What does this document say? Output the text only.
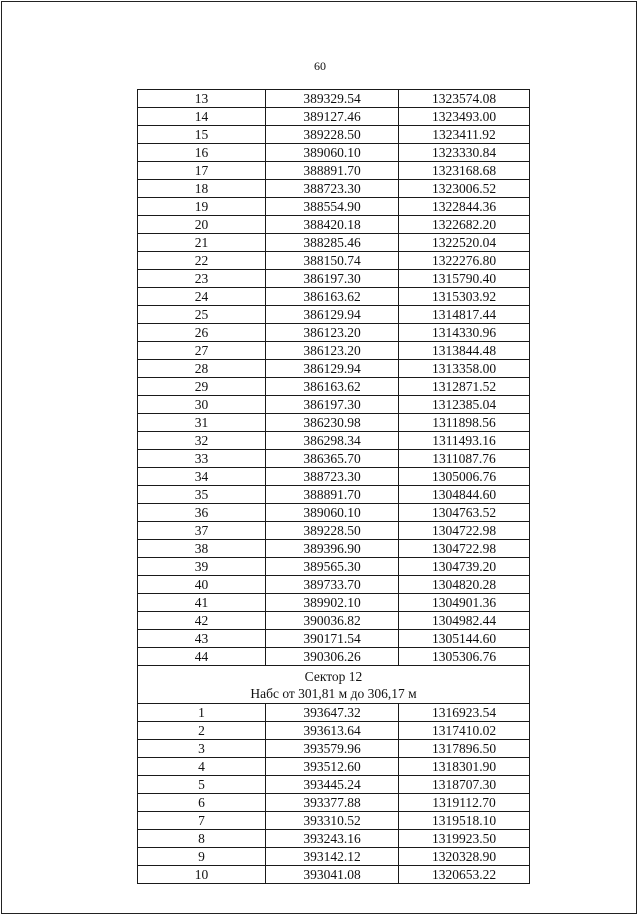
60
13	389329.54	1323574.08
14	389127.46	1323493.00
15	389228.50	1323411.92
16	389060.10	1323330.84
17	388891.70	1323168.68
18	388723.30	1323006.52
19	388554.90	1322844.36
20	388420.18	1322682.20
21	388285.46	1322520.04
22	388150.74	1322276.80
23	386197.30	1315790.40
24	386163.62	1315303.92
25	386129.94	1314817.44
26	386123.20	1314330.96
27	386123.20	1313844.48
28	386129.94	1313358.00
29	386163.62	1312871.52
30	386197.30	1312385.04
31	386230.98	1311898.56
32	386298.34	1311493.16
33	386365.70	1311087.76
34	388723.30	1305006.76
35	388891.70	1304844.60
36	389060.10	1304763.52
37	389228.50	1304722.98
38	389396.90	1304722.98
39	389565.30	1304739.20
40	389733.70	1304820.28
41	389902.10	1304901.36
42	390036.82	1304982.44
43	390171.54	1305144.60
44	390306.26	1305306.76

Сектор 12
Набс от 301,81 м до 306,17 м		

1	393647.32	1316923.54
2	393613.64	1317410.02
3	393579.96	1317896.50
4	393512.60	1318301.90
5	393445.24	1318707.30
6	393377.88	1319112.70
7	393310.52	1319518.10
8	393243.16	1319923.50
9	393142.12	1320328.90
10	393041.08	1320653.22
